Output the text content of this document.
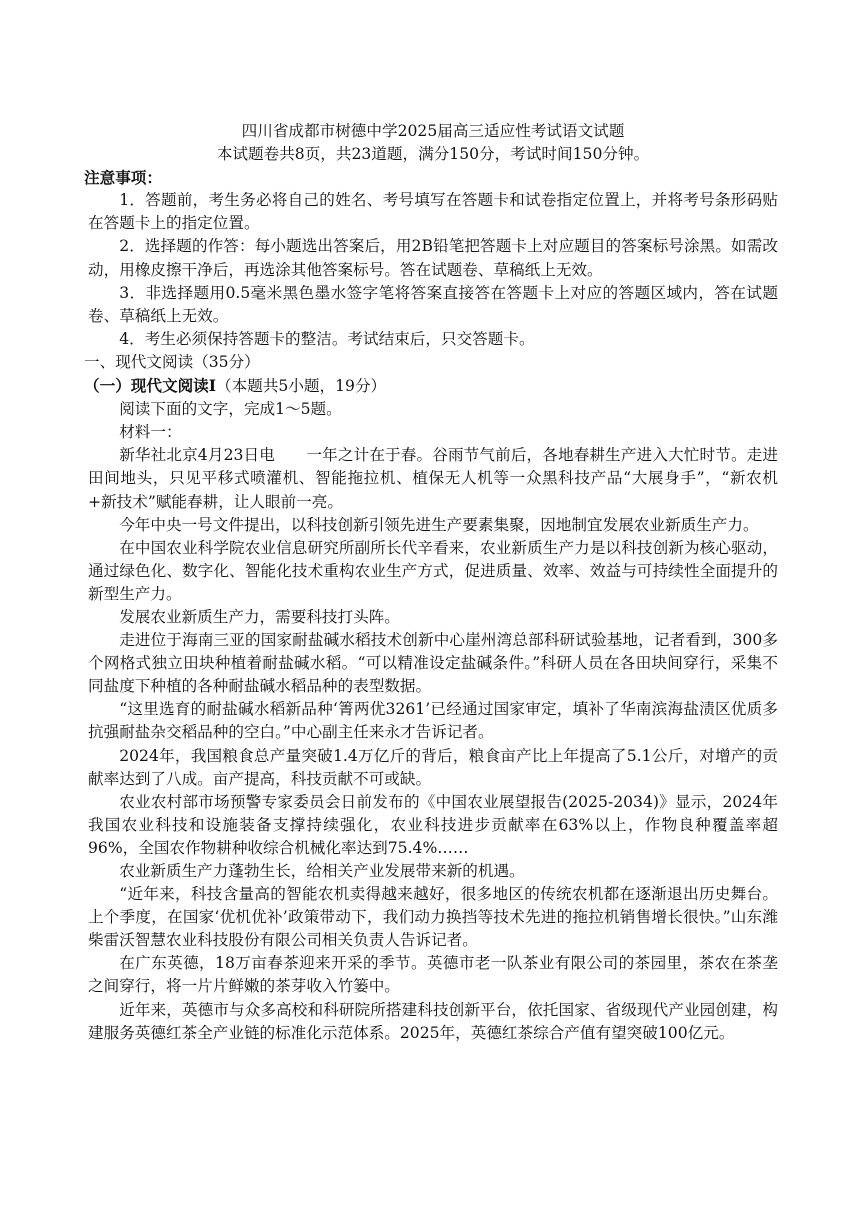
四川省成都市树德中学2025届高三适应性考试语文试题

本试题卷共8页，共23道题，满分150分，考试时间150分钟。

注意事项：

1．答题前，考生务必将自己的姓名、考号填写在答题卡和试卷指定位置上，并将考号条形码贴在答题卡上的指定位置。

2．选择题的作答：每小题选出答案后，用2B铅笔把答题卡上对应题目的答案标号涂黑。如需改动，用橡皮擦干净后，再选涂其他答案标号。答在试题卷、草稿纸上无效。

3．非选择题用0.5毫米黑色墨水签字笔将答案直接答在答题卡上对应的答题区域内，答在试题卷、草稿纸上无效。

4．考生必须保持答题卡的整洁。考试结束后，只交答题卡。

一、现代文阅读（35分）

（一）现代文阅读Ⅰ（本题共5小题，19分）

阅读下面的文字，完成1～5题。

材料一：

新华社北京4月23日电　　一年之计在于春。谷雨节气前后，各地春耕生产进入大忙时节。走进田间地头，只见平移式喷灌机、智能拖拉机、植保无人机等一众黑科技产品“大展身手”，“新农机+新技术”赋能春耕，让人眼前一亮。

今年中央一号文件提出，以科技创新引领先进生产要素集聚，因地制宜发展农业新质生产力。

在中国农业科学院农业信息研究所副所长代辛看来，农业新质生产力是以科技创新为核心驱动，通过绿色化、数字化、智能化技术重构农业生产方式，促进质量、效率、效益与可持续性全面提升的新型生产力。

发展农业新质生产力，需要科技打头阵。

走进位于海南三亚的国家耐盐碱水稻技术创新中心崖州湾总部科研试验基地，记者看到，300多个网格式独立田块种植着耐盐碱水稻。“可以精准设定盐碱条件。”科研人员在各田块间穿行，采集不同盐度下种植的各种耐盐碱水稻品种的表型数据。

“这里选育的耐盐碱水稻新品种‘箐两优3261’已经通过国家审定，填补了华南滨海盐渍区优质多抗强耐盐杂交稻品种的空白。”中心副主任来永才告诉记者。

2024年，我国粮食总产量突破1.4万亿斤的背后，粮食亩产比上年提高了5.1公斤，对增产的贡献率达到了八成。亩产提高，科技贡献不可或缺。

农业农村部市场预警专家委员会日前发布的《中国农业展望报告(2025-2034)》显示，2024年我国农业科技和设施装备支撑持续强化，农业科技进步贡献率在63%以上，作物良种覆盖率超96%，全国农作物耕种收综合机械化率达到75.4%……

农业新质生产力蓬勃生长，给相关产业发展带来新的机遇。

“近年来，科技含量高的智能农机卖得越来越好，很多地区的传统农机都在逐渐退出历史舞台。上个季度，在国家‘优机优补’政策带动下，我们动力换挡等技术先进的拖拉机销售增长很快。”山东潍柴雷沃智慧农业科技股份有限公司相关负责人告诉记者。

在广东英德，18万亩春茶迎来开采的季节。英德市老一队茶业有限公司的茶园里，茶农在茶垄之间穿行，将一片片鲜嫩的茶芽收入竹篓中。

近年来，英德市与众多高校和科研院所搭建科技创新平台，依托国家、省级现代产业园创建，构建服务英德红茶全产业链的标准化示范体系。2025年，英德红茶综合产值有望突破100亿元。
